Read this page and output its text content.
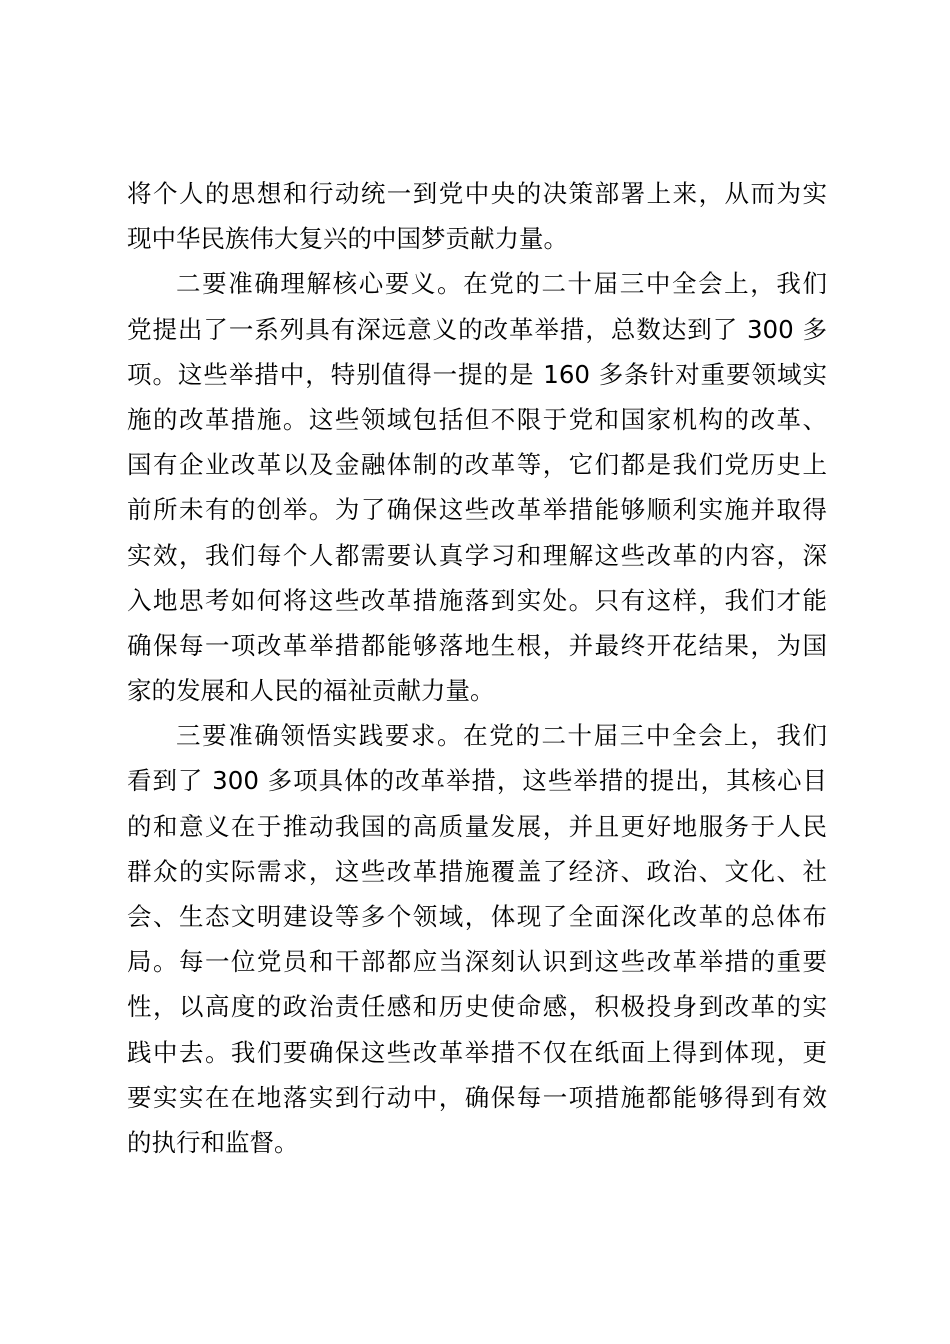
将个人的思想和行动统一到党中央的决策部署上来，从而为实
现中华民族伟大复兴的中国梦贡献力量。
二要准确理解核心要义。在党的二十届三中全会上，我们
党提出了一系列具有深远意义的改革举措，总数达到了 300 多
项。这些举措中，特别值得一提的是 160 多条针对重要领域实
施的改革措施。这些领域包括但不限于党和国家机构的改革、
国有企业改革以及金融体制的改革等，它们都是我们党历史上
前所未有的创举。为了确保这些改革举措能够顺利实施并取得
实效，我们每个人都需要认真学习和理解这些改革的内容，深
入地思考如何将这些改革措施落到实处。只有这样，我们才能
确保每一项改革举措都能够落地生根，并最终开花结果，为国
家的发展和人民的福祉贡献力量。
三要准确领悟实践要求。在党的二十届三中全会上，我们
看到了 300 多项具体的改革举措，这些举措的提出，其核心目
的和意义在于推动我国的高质量发展，并且更好地服务于人民
群众的实际需求，这些改革措施覆盖了经济、政治、文化、社
会、生态文明建设等多个领域，体现了全面深化改革的总体布
局。每一位党员和干部都应当深刻认识到这些改革举措的重要
性，以高度的政治责任感和历史使命感，积极投身到改革的实
践中去。我们要确保这些改革举措不仅在纸面上得到体现，更
要实实在在地落实到行动中，确保每一项措施都能够得到有效
的执行和监督。
